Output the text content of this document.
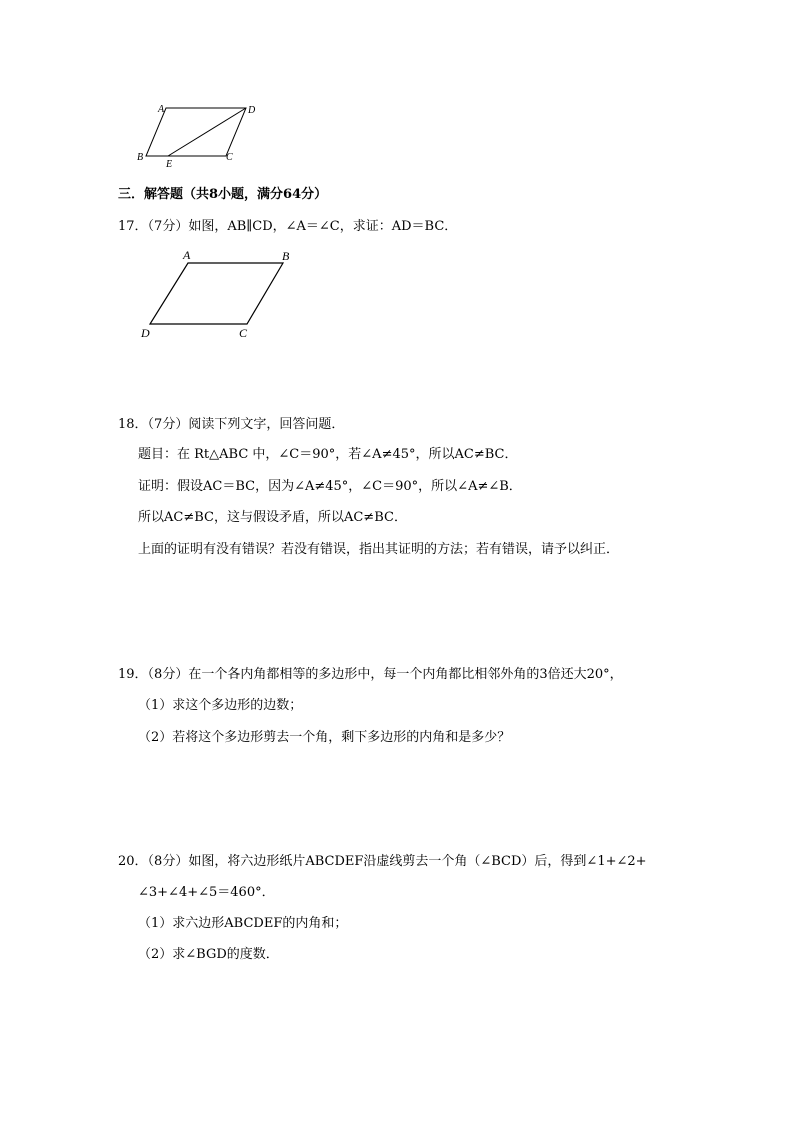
A	D
B
E
C
三．解答题（共8小题，满分64分）
17．（7分）如图，AB∥CD，∠A＝∠C，求证：AD＝BC．
A	B
D	C
18．（7分）阅读下列文字，回答问题．
题目：在 Rt△ABC 中，∠C＝90°，若∠A≠45°，所以AC≠BC．
证明：假设AC＝BC，因为∠A≠45°，∠C＝90°，所以∠A≠∠B．
所以AC≠BC，这与假设矛盾，所以AC≠BC．
上面的证明有没有错误？若没有错误，指出其证明的方法；若有错误，请予以纠正．
19．（8分）在一个各内角都相等的多边形中，每一个内角都比相邻外角的3倍还大20°，
（1）求这个多边形的边数；
（2）若将这个多边形剪去一个角，剩下多边形的内角和是多少？
20．（8分）如图，将六边形纸片ABCDEF沿虚线剪去一个角（∠BCD）后，得到∠1+∠2+
∠3+∠4+∠5＝460°．
（1）求六边形ABCDEF的内角和；
（2）求∠BGD的度数．
